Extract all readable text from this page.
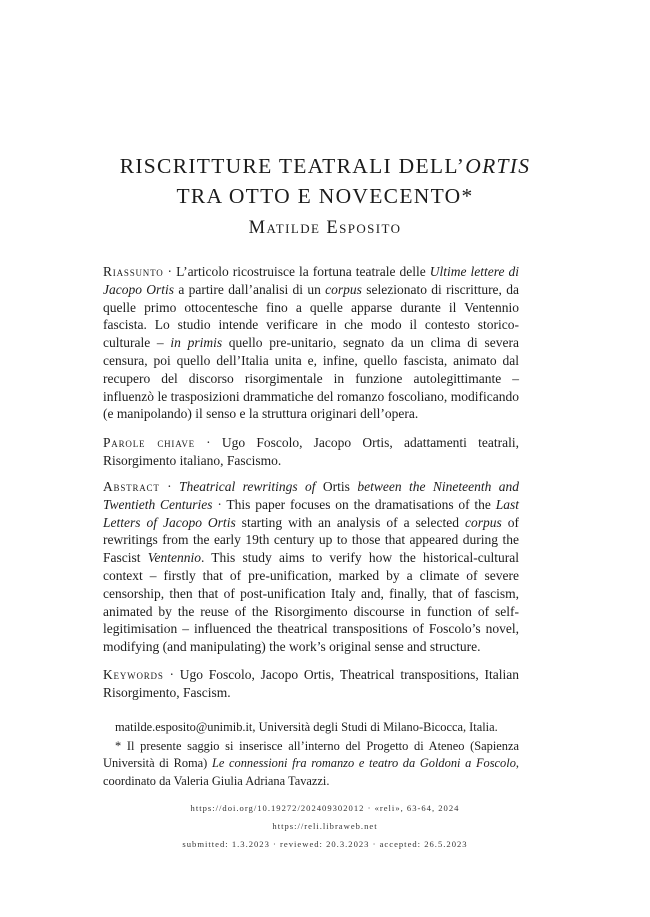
RISCRITTURE TEATRALI DELL’ORTIS
TRA OTTO E NOVECENTO*
Matilde Esposito
Riassunto · L’articolo ricostruisce la fortuna teatrale delle Ultime lettere di Jacopo Ortis a partire dall’analisi di un corpus selezionato di riscritture, da quelle primo ottocentesche fino a quelle apparse durante il Ventennio fascista. Lo studio intende verificare in che modo il contesto storico-culturale – in primis quello pre-unitario, segnato da un clima di severa censura, poi quello dell’Italia unita e, infine, quello fascista, animato dal recupero del discorso risorgimentale in funzione autolegittimante – influenzò le trasposizioni drammatiche del romanzo foscoliano, modificando (e manipolando) il senso e la struttura originari dell’opera.
Parole chiave · Ugo Foscolo, Jacopo Ortis, adattamenti teatrali, Risorgimento italiano, Fascismo.
Abstract · Theatrical rewritings of Ortis between the Nineteenth and Twentieth Centuries · This paper focuses on the dramatisations of the Last Letters of Jacopo Ortis starting with an analysis of a selected corpus of rewritings from the early 19th century up to those that appeared during the Fascist Ventennio. This study aims to verify how the historical-cultural context – firstly that of pre-unification, marked by a climate of severe censorship, then that of post-unification Italy and, finally, that of fascism, animated by the reuse of the Risorgimento discourse in function of self-legitimisation – influenced the theatrical transpositions of Foscolo’s novel, modifying (and manipulating) the work’s original sense and structure.
Keywords · Ugo Foscolo, Jacopo Ortis, Theatrical transpositions, Italian Risorgimento, Fascism.
matilde.esposito@unimib.it, Università degli Studi di Milano-Bicocca, Italia.
* Il presente saggio si inserisce all’interno del Progetto di Ateneo (Sapienza Università di Roma) Le connessioni fra romanzo e teatro da Goldoni a Foscolo, coordinato da Valeria Giulia Adriana Tavazzi.
https://doi.org/10.19272/202409302012 · «reli», 63-64, 2024
https://reli.libraweb.net
submitted: 1.3.2023 · reviewed: 20.3.2023 · accepted: 26.5.2023
